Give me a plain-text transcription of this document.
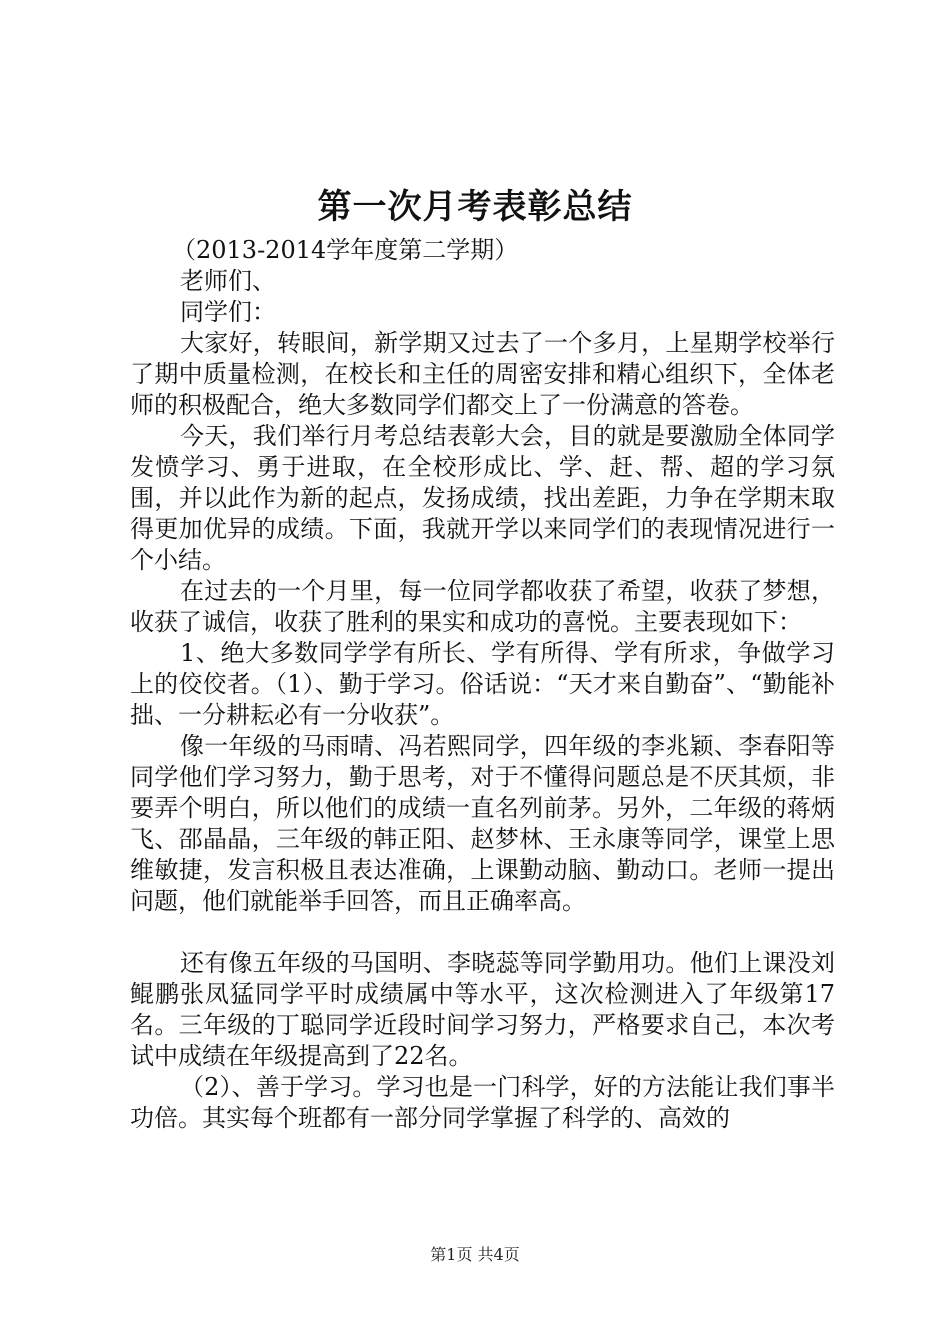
第一次月考表彰总结

（2013-2014学年度第二学期）

老师们、

同学们：

大家好，转眼间，新学期又过去了一个多月，上星期学校举行了期中质量检测，在校长和主任的周密安排和精心组织下，全体老师的积极配合，绝大多数同学们都交上了一份满意的答卷。

今天，我们举行月考总结表彰大会，目的就是要激励全体同学发愤学习、勇于进取，在全校形成比、学、赶、帮、超的学习氛围，并以此作为新的起点，发扬成绩，找出差距，力争在学期末取得更加优异的成绩。下面，我就开学以来同学们的表现情况进行一个小结。

在过去的一个月里，每一位同学都收获了希望，收获了梦想，收获了诚信，收获了胜利的果实和成功的喜悦。主要表现如下：

1、绝大多数同学学有所长、学有所得、学有所求，争做学习上的佼佼者。（1）、勤于学习。俗话说：“天才来自勤奋”、“勤能补拙、一分耕耘必有一分收获”。

像一年级的马雨晴、冯若熙同学，四年级的李兆颖、李春阳等同学他们学习努力，勤于思考，对于不懂得问题总是不厌其烦，非要弄个明白，所以他们的成绩一直名列前茅。另外，二年级的蒋炳飞、邵晶晶，三年级的韩正阳、赵梦林、王永康等同学，课堂上思维敏捷，发言积极且表达准确，上课勤动脑、勤动口。老师一提出问题，他们就能举手回答，而且正确率高。

还有像五年级的马国明、李晓蕊等同学勤用功。他们上课没刘鲲鹏张凤猛同学平时成绩属中等水平，这次检测进入了年级第17名。三年级的丁聪同学近段时间学习努力，严格要求自己，本次考试中成绩在年级提高到了22名。

（2）、善于学习。学习也是一门科学，好的方法能让我们事半功倍。其实每个班都有一部分同学掌握了科学的、高效的

第1页 共4页
